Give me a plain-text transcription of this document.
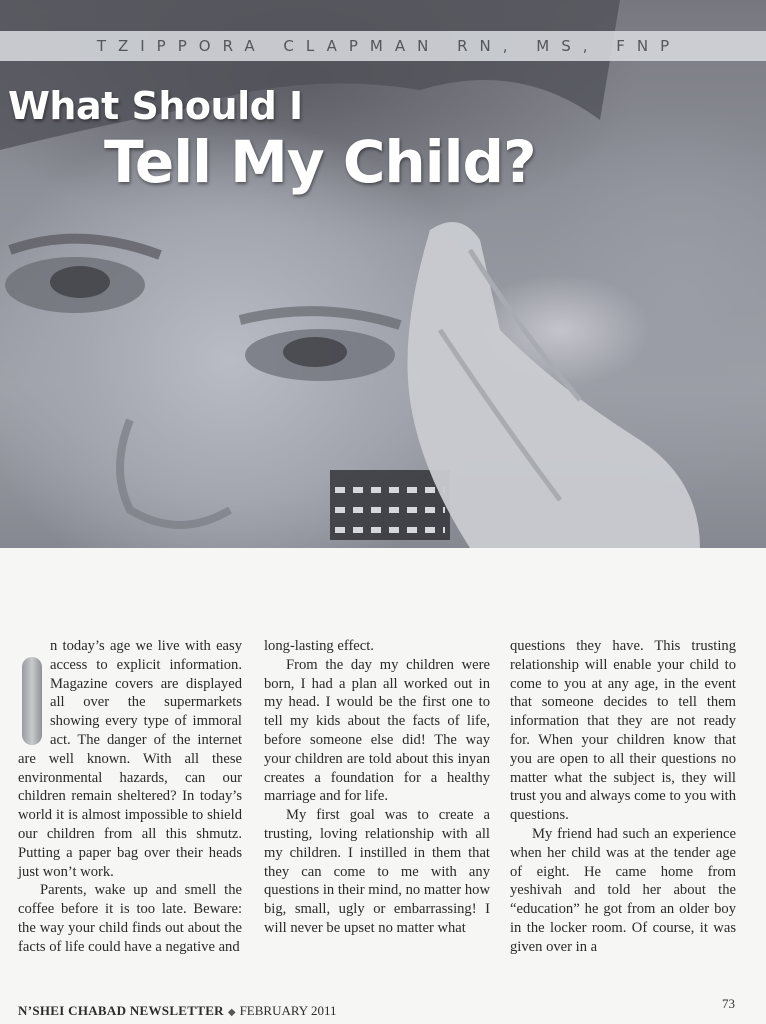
TZIPPORA CLAPMAN RN, MS, FNP
What Should I
Tell My Child?

n today’s age we live with easy access to explicit information. Magazine covers are displayed all over the supermarkets showing every type of immoral act. The danger of the internet are well known. With all these environmental hazards, can our children remain sheltered? In today’s world it is almost impossible to shield our children from all this shmutz. Putting a paper bag over their heads just won’t work.

Parents, wake up and smell the coffee before it is too late. Beware: the way your child finds out about the facts of life could have a negative and

long-lasting effect.

From the day my children were born, I had a plan all worked out in my head. I would be the first one to tell my kids about the facts of life, before someone else did! The way your children are told about this inyan creates a foundation for a healthy marriage and for life.

My first goal was to create a trusting, loving relationship with all my children. I instilled in them that they can come to me with any questions in their mind, no matter how big, small, ugly or embarrassing! I will never be upset no matter what

questions they have. This trusting relationship will enable your child to come to you at any age, in the event that someone decides to tell them information that they are not ready for. When your children know that you are open to all their questions no matter what the subject is, they will trust you and always come to you with questions.

My friend had such an experience when her child was at the tender age of eight. He came home from yeshivah and told her about the “education” he got from an older boy in the locker room. Of course, it was given over in a

N’SHEI CHABAD NEWSLETTER ◆ FEBRUARY 2011	73
